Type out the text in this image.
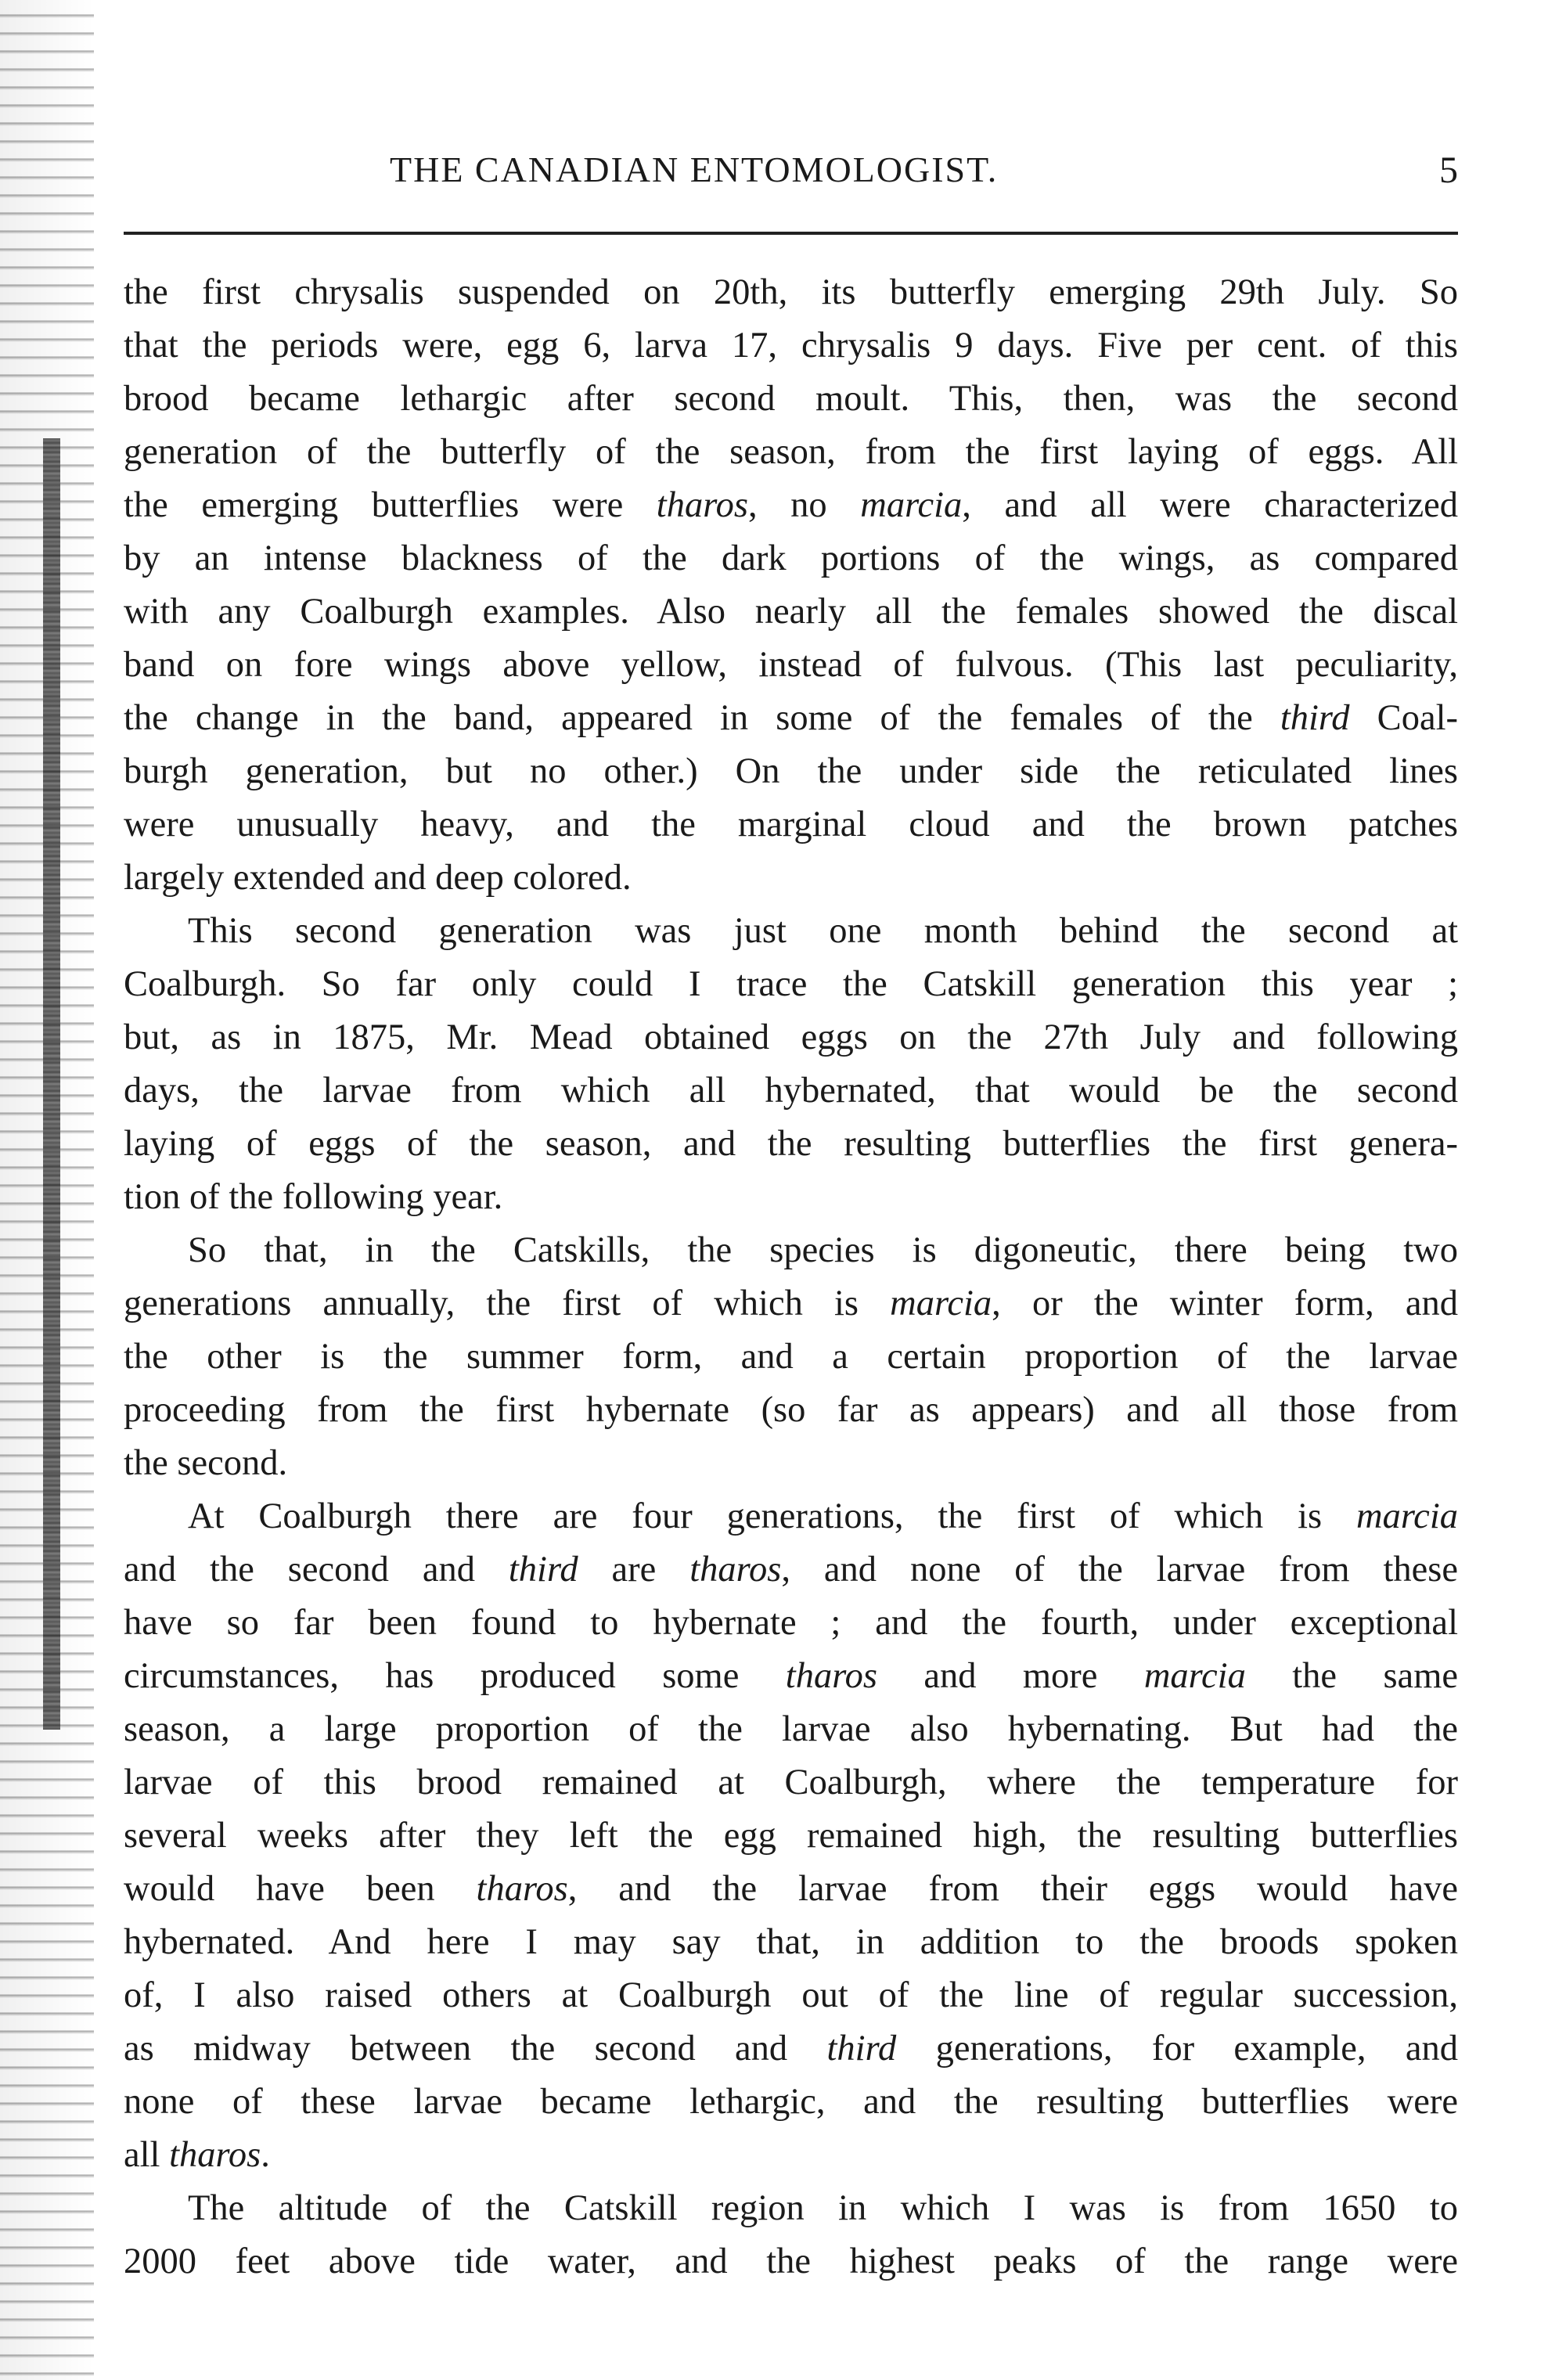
THE CANADIAN ENTOMOLOGIST.	5
the first chrysalis suspended on 20th, its butterfly emerging 29th July. So
that the periods were, egg 6, larva 17, chrysalis 9 days. Five per cent. of this
brood became lethargic after second moult. This, then, was the second
generation of the butterfly of the season, from the first laying of eggs. All
the emerging butterflies were tharos, no marcia, and all were characterized
by an intense blackness of the dark portions of the wings, as compared
with any Coalburgh examples. Also nearly all the females showed the discal
band on fore wings above yellow, instead of fulvous. (This last peculiarity,
the change in the band, appeared in some of the females of the third Coal-
burgh generation, but no other.) On the under side the reticulated lines
were unusually heavy, and the marginal cloud and the brown patches
largely extended and deep colored.
This second generation was just one month behind the second at
Coalburgh. So far only could I trace the Catskill generation this year ;
but, as in 1875, Mr. Mead obtained eggs on the 27th July and following
days, the larvae from which all hybernated, that would be the second
laying of eggs of the season, and the resulting butterflies the first genera-
tion of the following year.
So that, in the Catskills, the species is digoneutic, there being two
generations annually, the first of which is marcia, or the winter form, and
the other is the summer form, and a certain proportion of the larvae
proceeding from the first hybernate (so far as appears) and all those from
the second.
At Coalburgh there are four generations, the first of which is marcia
and the second and third are tharos, and none of the larvae from these
have so far been found to hybernate ; and the fourth, under exceptional
circumstances, has produced some tharos and more marcia the same
season, a large proportion of the larvae also hybernating. But had the
larvae of this brood remained at Coalburgh, where the temperature for
several weeks after they left the egg remained high, the resulting butterflies
would have been tharos, and the larvae from their eggs would have
hybernated. And here I may say that, in addition to the broods spoken
of, I also raised others at Coalburgh out of the line of regular succession,
as midway between the second and third generations, for example, and
none of these larvae became lethargic, and the resulting butterflies were
all tharos.
The altitude of the Catskill region in which I was is from 1650 to
2000 feet above tide water, and the highest peaks of the range were
